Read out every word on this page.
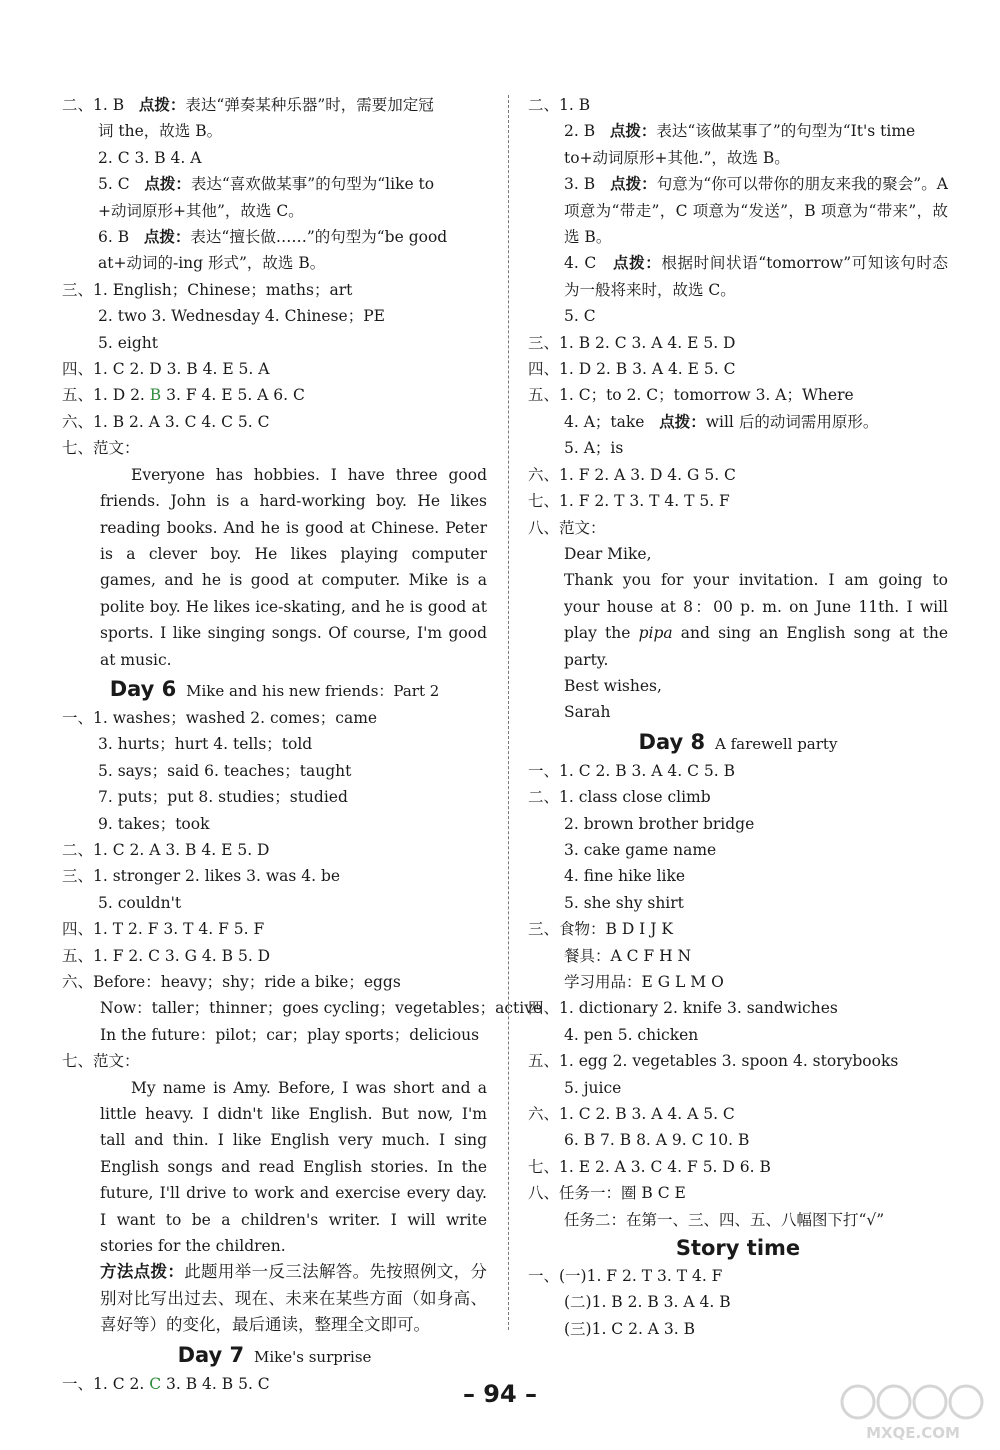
二、1. B 点拨：表达“弹奏某种乐器”时，需要加定冠
词 the，故选 B。
2. C 3. B 4. A
5. C 点拨：表达“喜欢做某事”的句型为“like to
+动词原形+其他”，故选 C。
6. B 点拨：表达“擅长做……”的句型为“be good
at+动词的-ing 形式”，故选 B。
三、1. English；Chinese；maths；art
2. two 3. Wednesday 4. Chinese；PE
5. eight
四、1. C 2. D 3. B 4. E 5. A
五、1. D 2. B 3. F 4. E 5. A 6. C
六、1. B 2. A 3. C 4. C 5. C
七、范文：
Everyone has hobbies. I have three good friends. John is a hard-working boy. He likes reading books. And he is good at Chinese. Peter is a clever boy. He likes playing computer games, and he is good at computer. Mike is a polite boy. He likes ice-skating, and he is good at sports. I like singing songs. Of course, I'm good at music.
Day 6 Mike and his new friends：Part 2
一、1. washes；washed 2. comes；came
3. hurts；hurt 4. tells；told
5. says；said 6. teaches；taught
7. puts；put 8. studies；studied
9. takes；took
二、1. C 2. A 3. B 4. E 5. D
三、1. stronger 2. likes 3. was 4. be
5. couldn't
四、1. T 2. F 3. T 4. F 5. F
五、1. F 2. C 3. G 4. B 5. D
六、Before：heavy；shy；ride a bike；eggs
Now：taller；thinner；goes cycling；vegetables；active
In the future：pilot；car；play sports；delicious
七、范文：
My name is Amy. Before, I was short and a little heavy. I didn't like English. But now, I'm tall and thin. I like English very much. I sing English songs and read English stories. In the future, I'll drive to work and exercise every day. I want to be a children's writer. I will write stories for the children.
方法点拨：此题用举一反三法解答。先按照例文，分别对比写出过去、现在、未来在某些方面（如身高、喜好等）的变化，最后通读，整理全文即可。
Day 7 Mike's surprise
一、1. C 2. C 3. B 4. B 5. C
二、1. B
2. B 点拨：表达“该做某事了”的句型为“It's time
to+动词原形+其他.”，故选 B。
3. B 点拨：句意为“你可以带你的朋友来我的聚会”。A 项意为“带走”，C 项意为“发送”，B 项意为“带来”，故选 B。
4. C 点拨：根据时间状语“tomorrow”可知该句时态为一般将来时，故选 C。
5. C
三、1. B 2. C 3. A 4. E 5. D
四、1. D 2. B 3. A 4. E 5. C
五、1. C；to 2. C；tomorrow 3. A；Where
4. A；take 点拨：will 后的动词需用原形。
5. A；is
六、1. F 2. A 3. D 4. G 5. C
七、1. F 2. T 3. T 4. T 5. F
八、范文：
Dear Mike,
Thank you for your invitation. I am going to your house at 8：00 p. m. on June 11th. I will play the pipa and sing an English song at the party.
Best wishes,
Sarah
Day 8 A farewell party
一、1. C 2. B 3. A 4. C 5. B
二、1. class close climb
2. brown brother bridge
3. cake game name
4. fine hike like
5. she shy shirt
三、食物：B D I J K
餐具：A C F H N
学习用品：E G L M O
四、1. dictionary 2. knife 3. sandwiches
4. pen 5. chicken
五、1. egg 2. vegetables 3. spoon 4. storybooks
5. juice
六、1. C 2. B 3. A 4. A 5. C
6. B 7. B 8. A 9. C 10. B
七、1. E 2. A 3. C 4. F 5. D 6. B
八、任务一：圈 B C E
任务二：在第一、三、四、五、八幅图下打“√”
Story time
一、(一)1. F 2. T 3. T 4. F
(二)1. B 2. B 3. A 4. B
(三)1. C 2. A 3. B
– 94 –
MXQE.COM
